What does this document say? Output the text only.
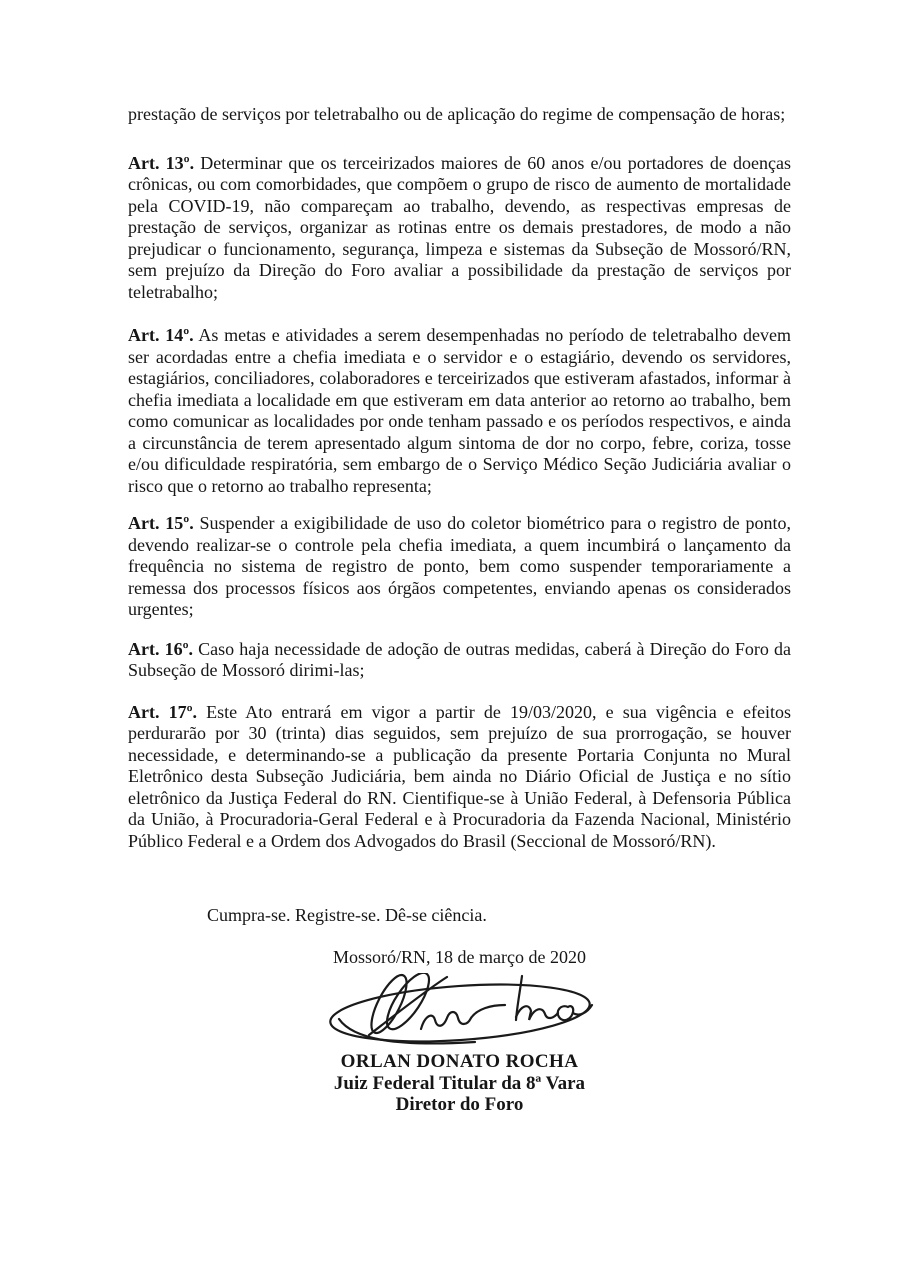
prestação de serviços por teletrabalho ou de aplicação do regime de compensação de horas;

Art. 13º. Determinar que os terceirizados maiores de 60 anos e/ou portadores de doenças crônicas, ou com comorbidades, que compõem o grupo de risco de aumento de mortalidade pela COVID-19, não compareçam ao trabalho, devendo, as respectivas empresas de prestação de serviços, organizar as rotinas entre os demais prestadores, de modo a não prejudicar o funcionamento, segurança, limpeza e sistemas da Subseção de Mossoró/RN, sem prejuízo da Direção do Foro avaliar a possibilidade da prestação de serviços por teletrabalho;

Art. 14º. As metas e atividades a serem desempenhadas no período de teletrabalho devem ser acordadas entre a chefia imediata e o servidor e o estagiário, devendo os servidores, estagiários, conciliadores, colaboradores e terceirizados que estiveram afastados, informar à chefia imediata a localidade em que estiveram em data anterior ao retorno ao trabalho, bem como comunicar as localidades por onde tenham passado e os períodos respectivos, e ainda a circunstância de terem apresentado algum sintoma de dor no corpo, febre, coriza, tosse e/ou dificuldade respiratória, sem embargo de o Serviço Médico Seção Judiciária avaliar o risco que o retorno ao trabalho representa;

Art. 15º. Suspender a exigibilidade de uso do coletor biométrico para o registro de ponto, devendo realizar-se o controle pela chefia imediata, a quem incumbirá o lançamento da frequência no sistema de registro de ponto, bem como suspender temporariamente a remessa dos processos físicos aos órgãos competentes, enviando apenas os considerados urgentes;

Art. 16º. Caso haja necessidade de adoção de outras medidas, caberá à Direção do Foro da Subseção de Mossoró dirimi-las;

Art. 17º. Este Ato entrará em vigor a partir de 19/03/2020, e sua vigência e efeitos perdurarão por 30 (trinta) dias seguidos, sem prejuízo de sua prorrogação, se houver necessidade, e determinando-se a publicação da presente Portaria Conjunta no Mural Eletrônico desta Subseção Judiciária, bem ainda no Diário Oficial de Justiça e no sítio eletrônico da Justiça Federal do RN. Cientifique-se à União Federal, à Defensoria Pública da União, à Procuradoria-Geral Federal e à Procuradoria da Fazenda Nacional, Ministério Público Federal e a Ordem dos Advogados do Brasil (Seccional de Mossoró/RN).

Cumpra-se. Registre-se. Dê-se ciência.

Mossoró/RN, 18 de março de 2020

ORLAN DONATO ROCHA
Juiz Federal Titular da 8ª Vara
Diretor do Foro
